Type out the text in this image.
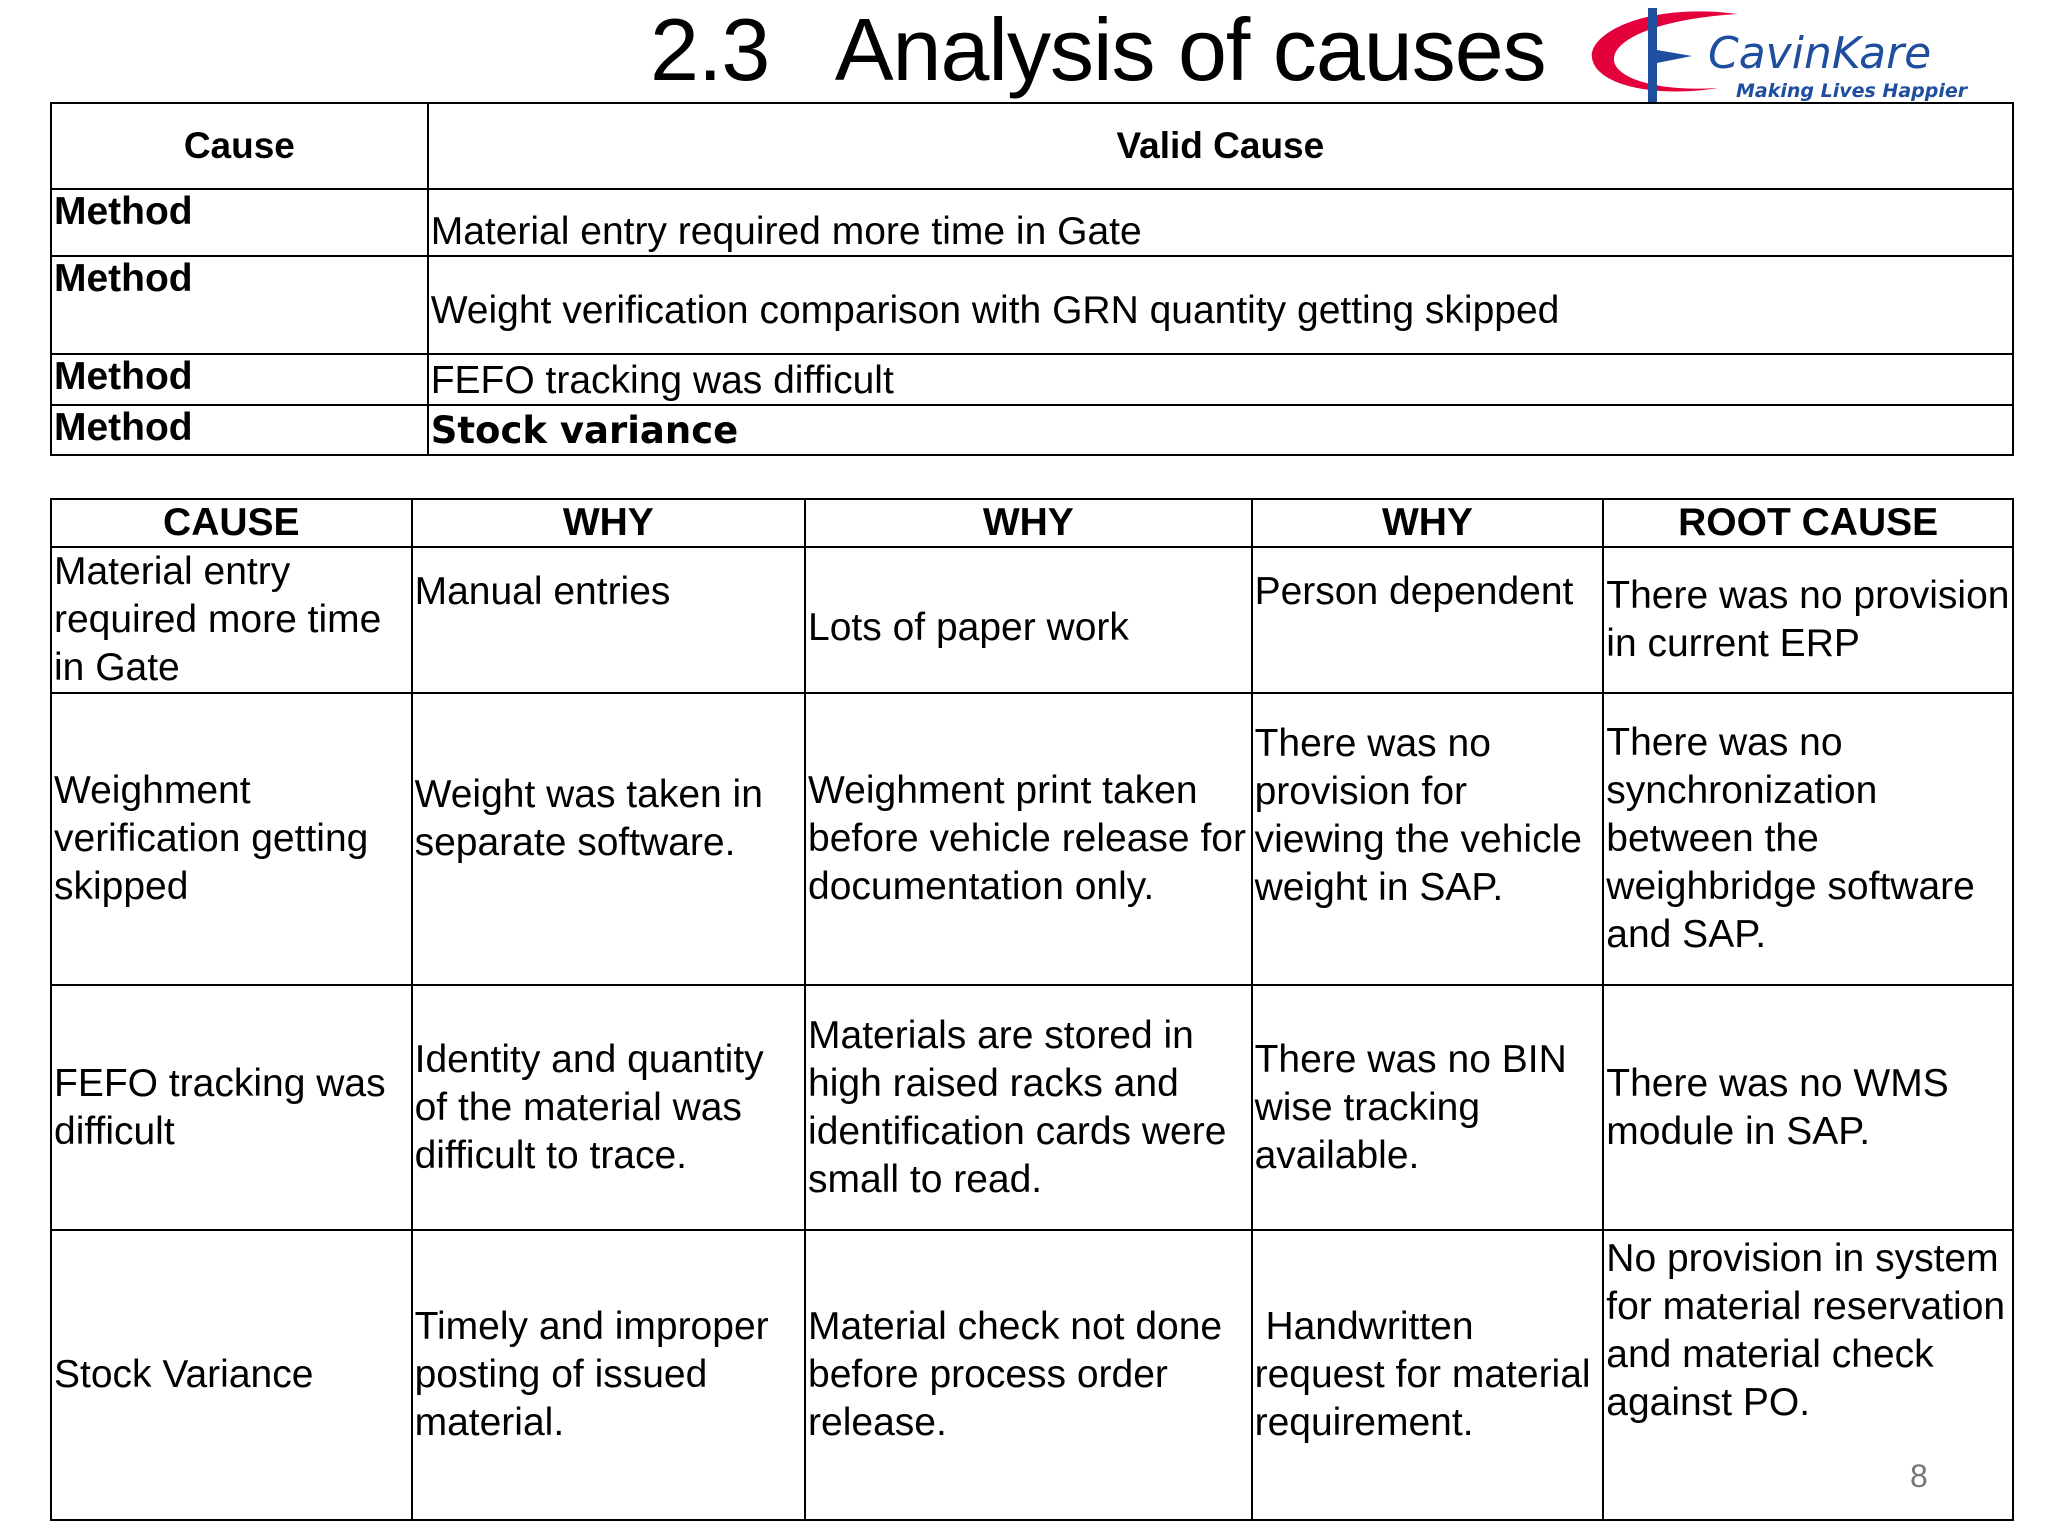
2.3 Analysis of causes	CavinKare
Making Lives Happier
Cause	Valid Cause
Method	Material entry required more time in Gate
Method	Weight verification comparison with GRN quantity getting skipped
Method	FEFO tracking was difficult
Method	Stock variance
CAUSE	WHY	WHY	WHY	ROOT CAUSE
Material entry required more time in Gate	Manual entries	Lots of paper work	Person dependent	There was no provision in current ERP
Weighment verification getting skipped	Weight was taken in separate software.	Weighment print taken before vehicle release for documentation only.	There was no provision for viewing the vehicle weight in SAP.	There was no synchronization between the weighbridge software and SAP.
FEFO tracking was difficult	Identity and quantity of the material was difficult to trace.	Materials are stored in high raised racks and identification cards were small to read.	There was no BIN wise tracking available.	There was no WMS module in SAP.
Stock Variance	Timely and improper posting of issued material.	Material check not done before process order release.	Handwritten request for material requirement.	No provision in system for material reservation and material check against PO.
8
